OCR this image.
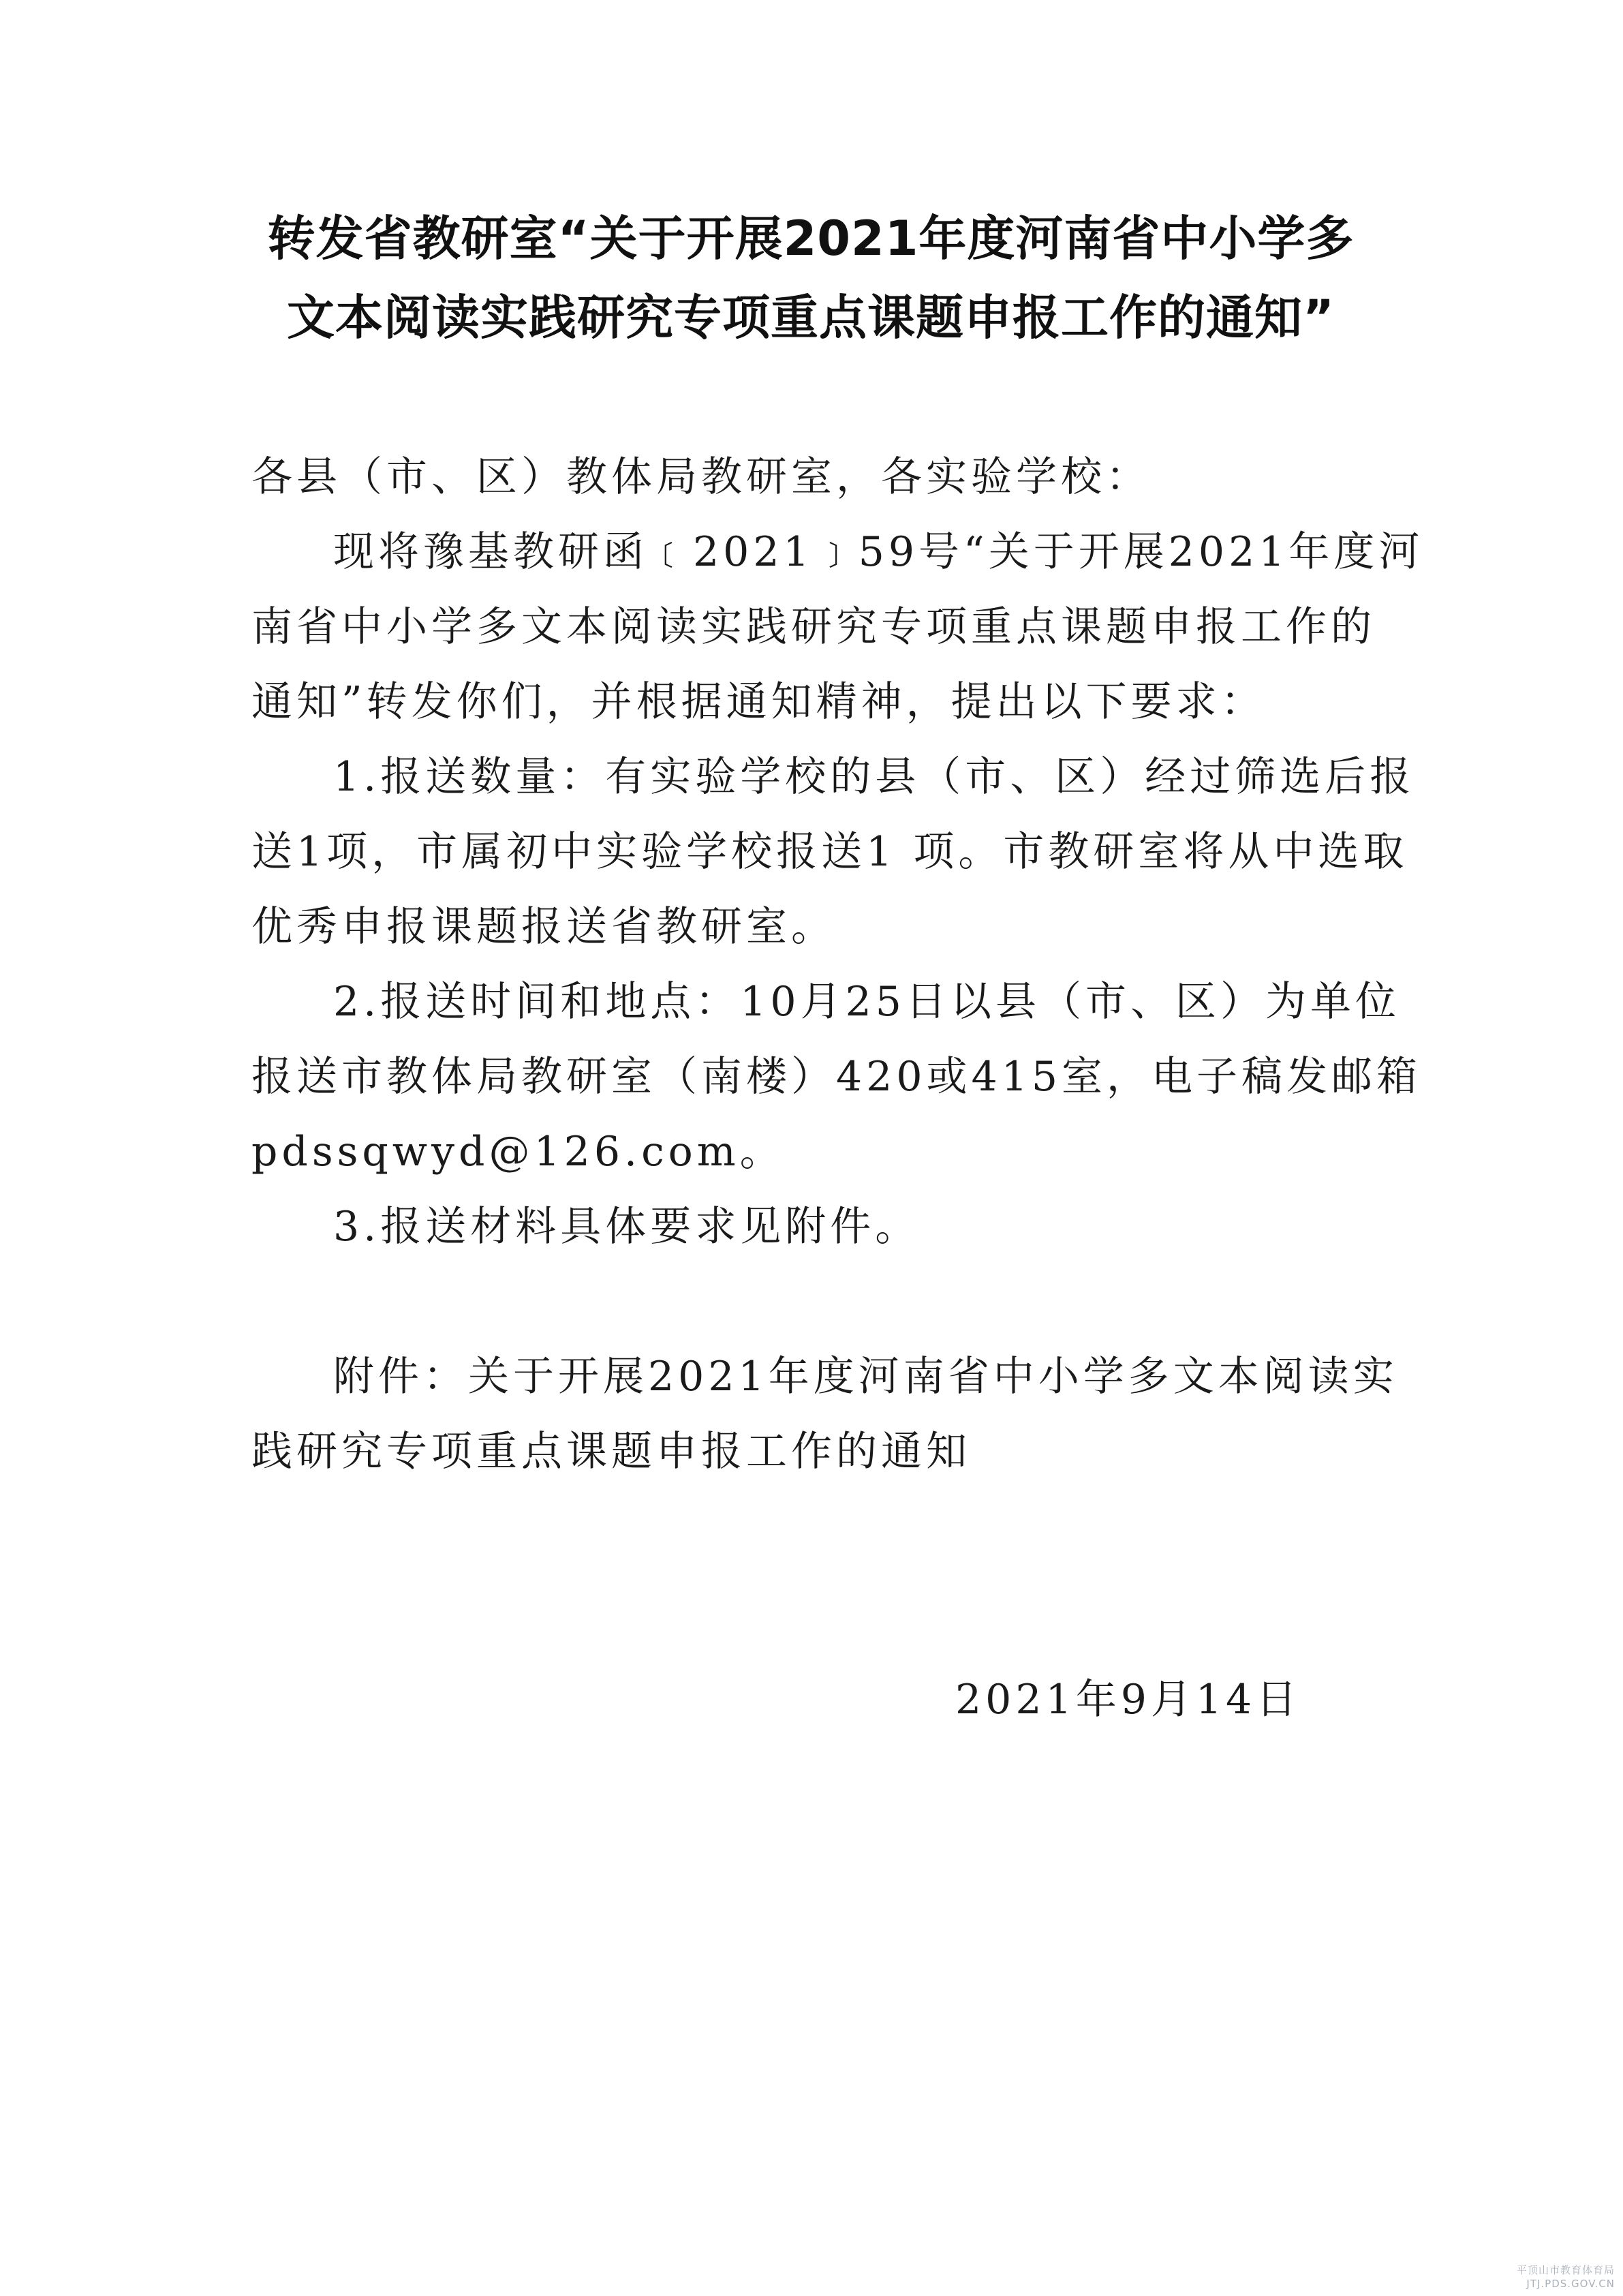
转发省教研室“关于开展2021年度河南省中小学多
文本阅读实践研究专项重点课题申报工作的通知”
各县（市、区）教体局教研室，各实验学校：
现将豫基教研函﹝2021﹞59号“关于开展2021年度河
南省中小学多文本阅读实践研究专项重点课题申报工作的
通知”转发你们，并根据通知精神，提出以下要求：
1.报送数量：有实验学校的县（市、区）经过筛选后报
送1项，市属初中实验学校报送1 项。市教研室将从中选取
优秀申报课题报送省教研室。
2.报送时间和地点：10月25日以县（市、区）为单位
报送市教体局教研室（南楼）420或415室，电子稿发邮箱
pdssqwyd@126.com。
3.报送材料具体要求见附件。
附件：关于开展2021年度河南省中小学多文本阅读实
践研究专项重点课题申报工作的通知
2021年9月14日
平顶山市教育体育局
JTJ.PDS.GOV.CN
